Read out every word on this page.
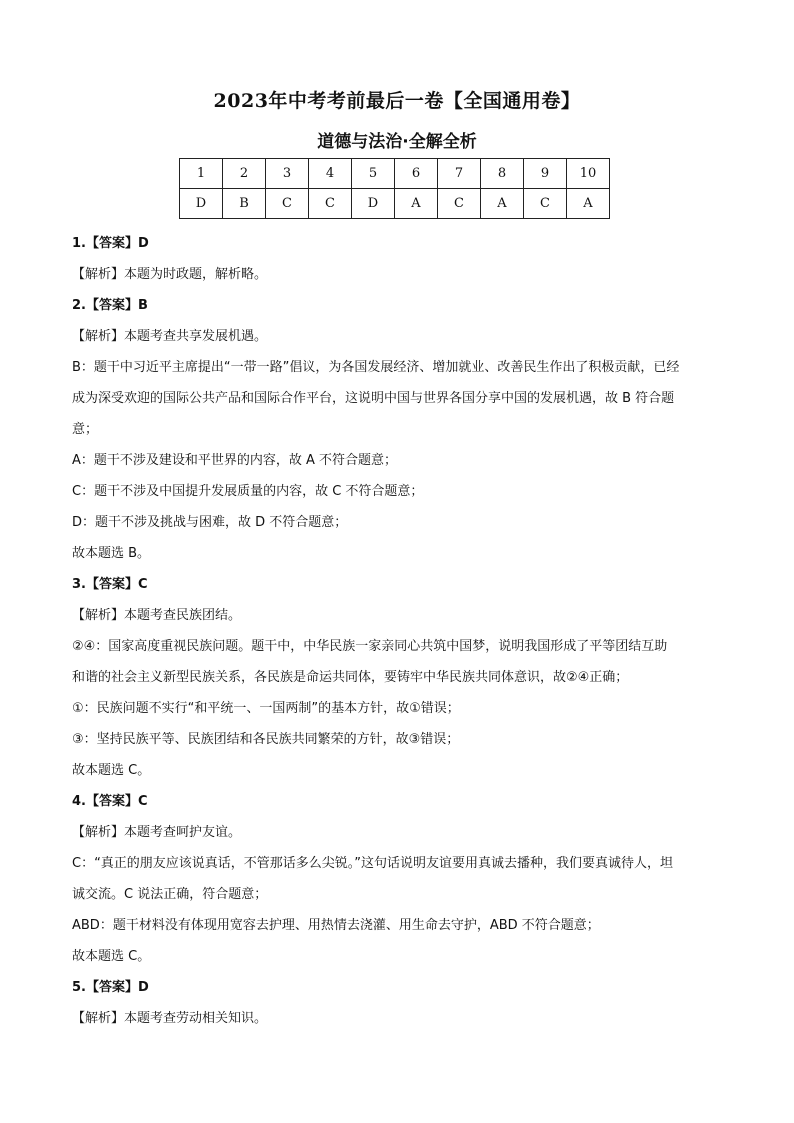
2023年中考考前最后一卷【全国通用卷】
道德与法治·全解全析
1	2	3	4	5	6	7	8	9	10
D	B	C	C	D	A	C	A	C	A
1.【答案】D
【解析】本题为时政题，解析略。
2.【答案】B
【解析】本题考查共享发展机遇。
B：题干中习近平主席提出“一带一路”倡议，为各国发展经济、增加就业、改善民生作出了积极贡献，已经
成为深受欢迎的国际公共产品和国际合作平台，这说明中国与世界各国分享中国的发展机遇，故 B 符合题
意；
A：题干不涉及建设和平世界的内容，故 A 不符合题意；
C：题干不涉及中国提升发展质量的内容，故 C 不符合题意；
D：题干不涉及挑战与困难，故 D 不符合题意；
故本题选 B。
3.【答案】C
【解析】本题考查民族团结。
②④：国家高度重视民族问题。题干中，中华民族一家亲同心共筑中国梦，说明我国形成了平等团结互助
和谐的社会主义新型民族关系，各民族是命运共同体，要铸牢中华民族共同体意识，故②④正确；
①：民族问题不实行“和平统一、一国两制”的基本方针，故①错误；
③：坚持民族平等、民族团结和各民族共同繁荣的方针，故③错误；
故本题选 C。
4.【答案】C
【解析】本题考查呵护友谊。
C：“真正的朋友应该说真话，不管那话多么尖锐。”这句话说明友谊要用真诚去播种，我们要真诚待人，坦
诚交流。C 说法正确，符合题意；
ABD：题干材料没有体现用宽容去护理、用热情去浇灌、用生命去守护，ABD 不符合题意；
故本题选 C。
5.【答案】D
【解析】本题考查劳动相关知识。
